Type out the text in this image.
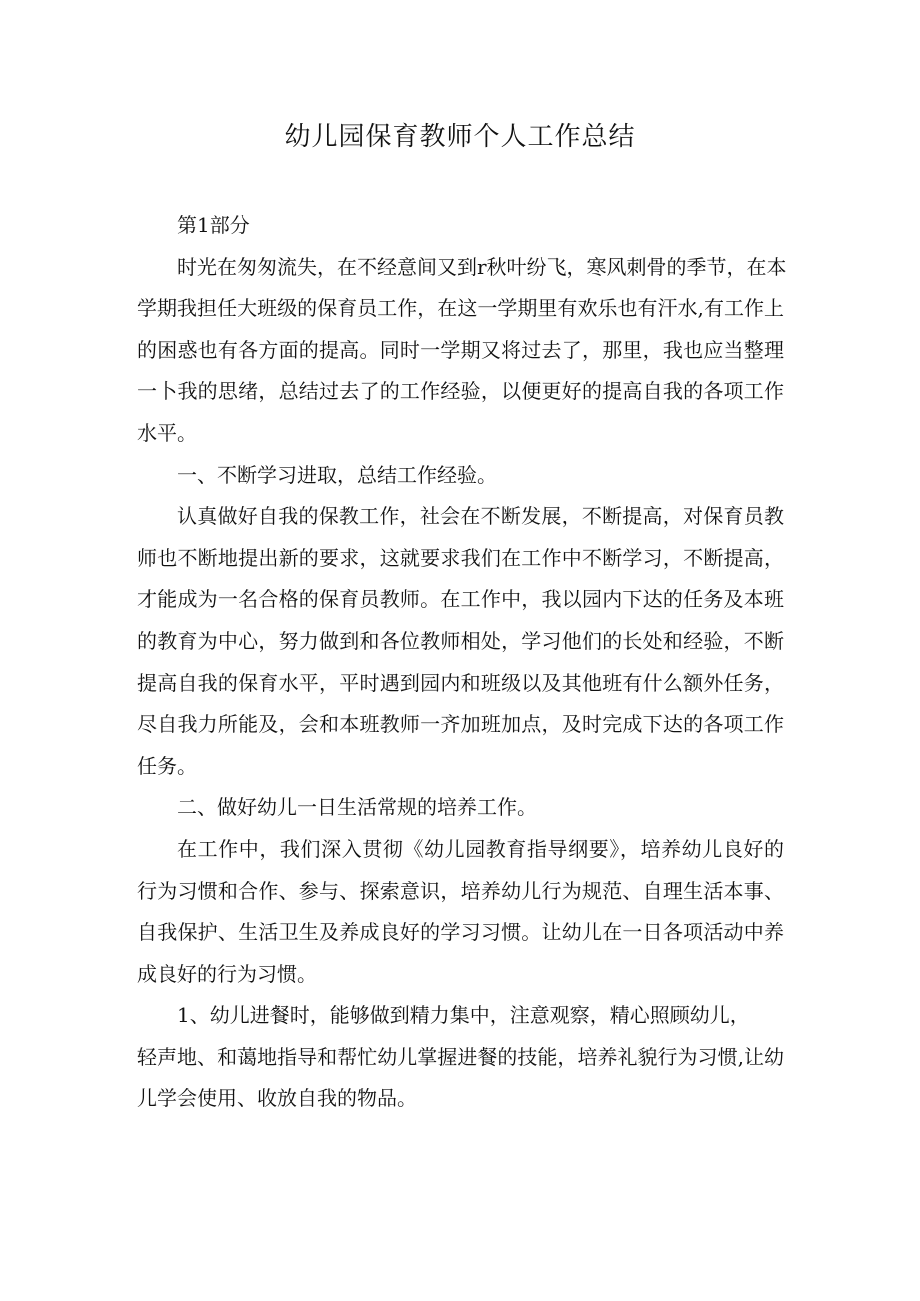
幼儿园保育教师个人工作总结
第1部分
时光在匆匆流失，在不经意间又到r秋叶纷飞，寒风刺骨的季节，在本
学期我担任大班级的保育员工作，在这一学期里有欢乐也有汗水,有工作上
的困惑也有各方面的提高。同时一学期又将过去了，那里，我也应当整理
一卜我的思绪，总结过去了的工作经验，以便更好的提高自我的各项工作
水平。
一、不断学习进取，总结工作经验。
认真做好自我的保教工作，社会在不断发展，不断提高，对保育员教
师也不断地提出新的要求，这就要求我们在工作中不断学习，不断提高，
才能成为一名合格的保育员教师。在工作中，我以园内下达的任务及本班
的教育为中心，努力做到和各位教师相处，学习他们的长处和经验，不断
提高自我的保育水平，平时遇到园内和班级以及其他班有什么额外任务，
尽自我力所能及，会和本班教师一齐加班加点，及时完成下达的各项工作
任务。
二、做好幼儿一日生活常规的培养工作。
在工作中，我们深入贯彻《幼儿园教育指导纲要》，培养幼儿良好的
行为习惯和合作、参与、探索意识，培养幼儿行为规范、自理生活本事、
自我保护、生活卫生及养成良好的学习习惯。让幼儿在一日各项活动中养
成良好的行为习惯。
1、幼儿进餐时，能够做到精力集中，注意观察，精心照顾幼儿，
轻声地、和蔼地指导和帮忙幼儿掌握进餐的技能，培养礼貌行为习惯,让幼
儿学会使用、收放自我的物品。
